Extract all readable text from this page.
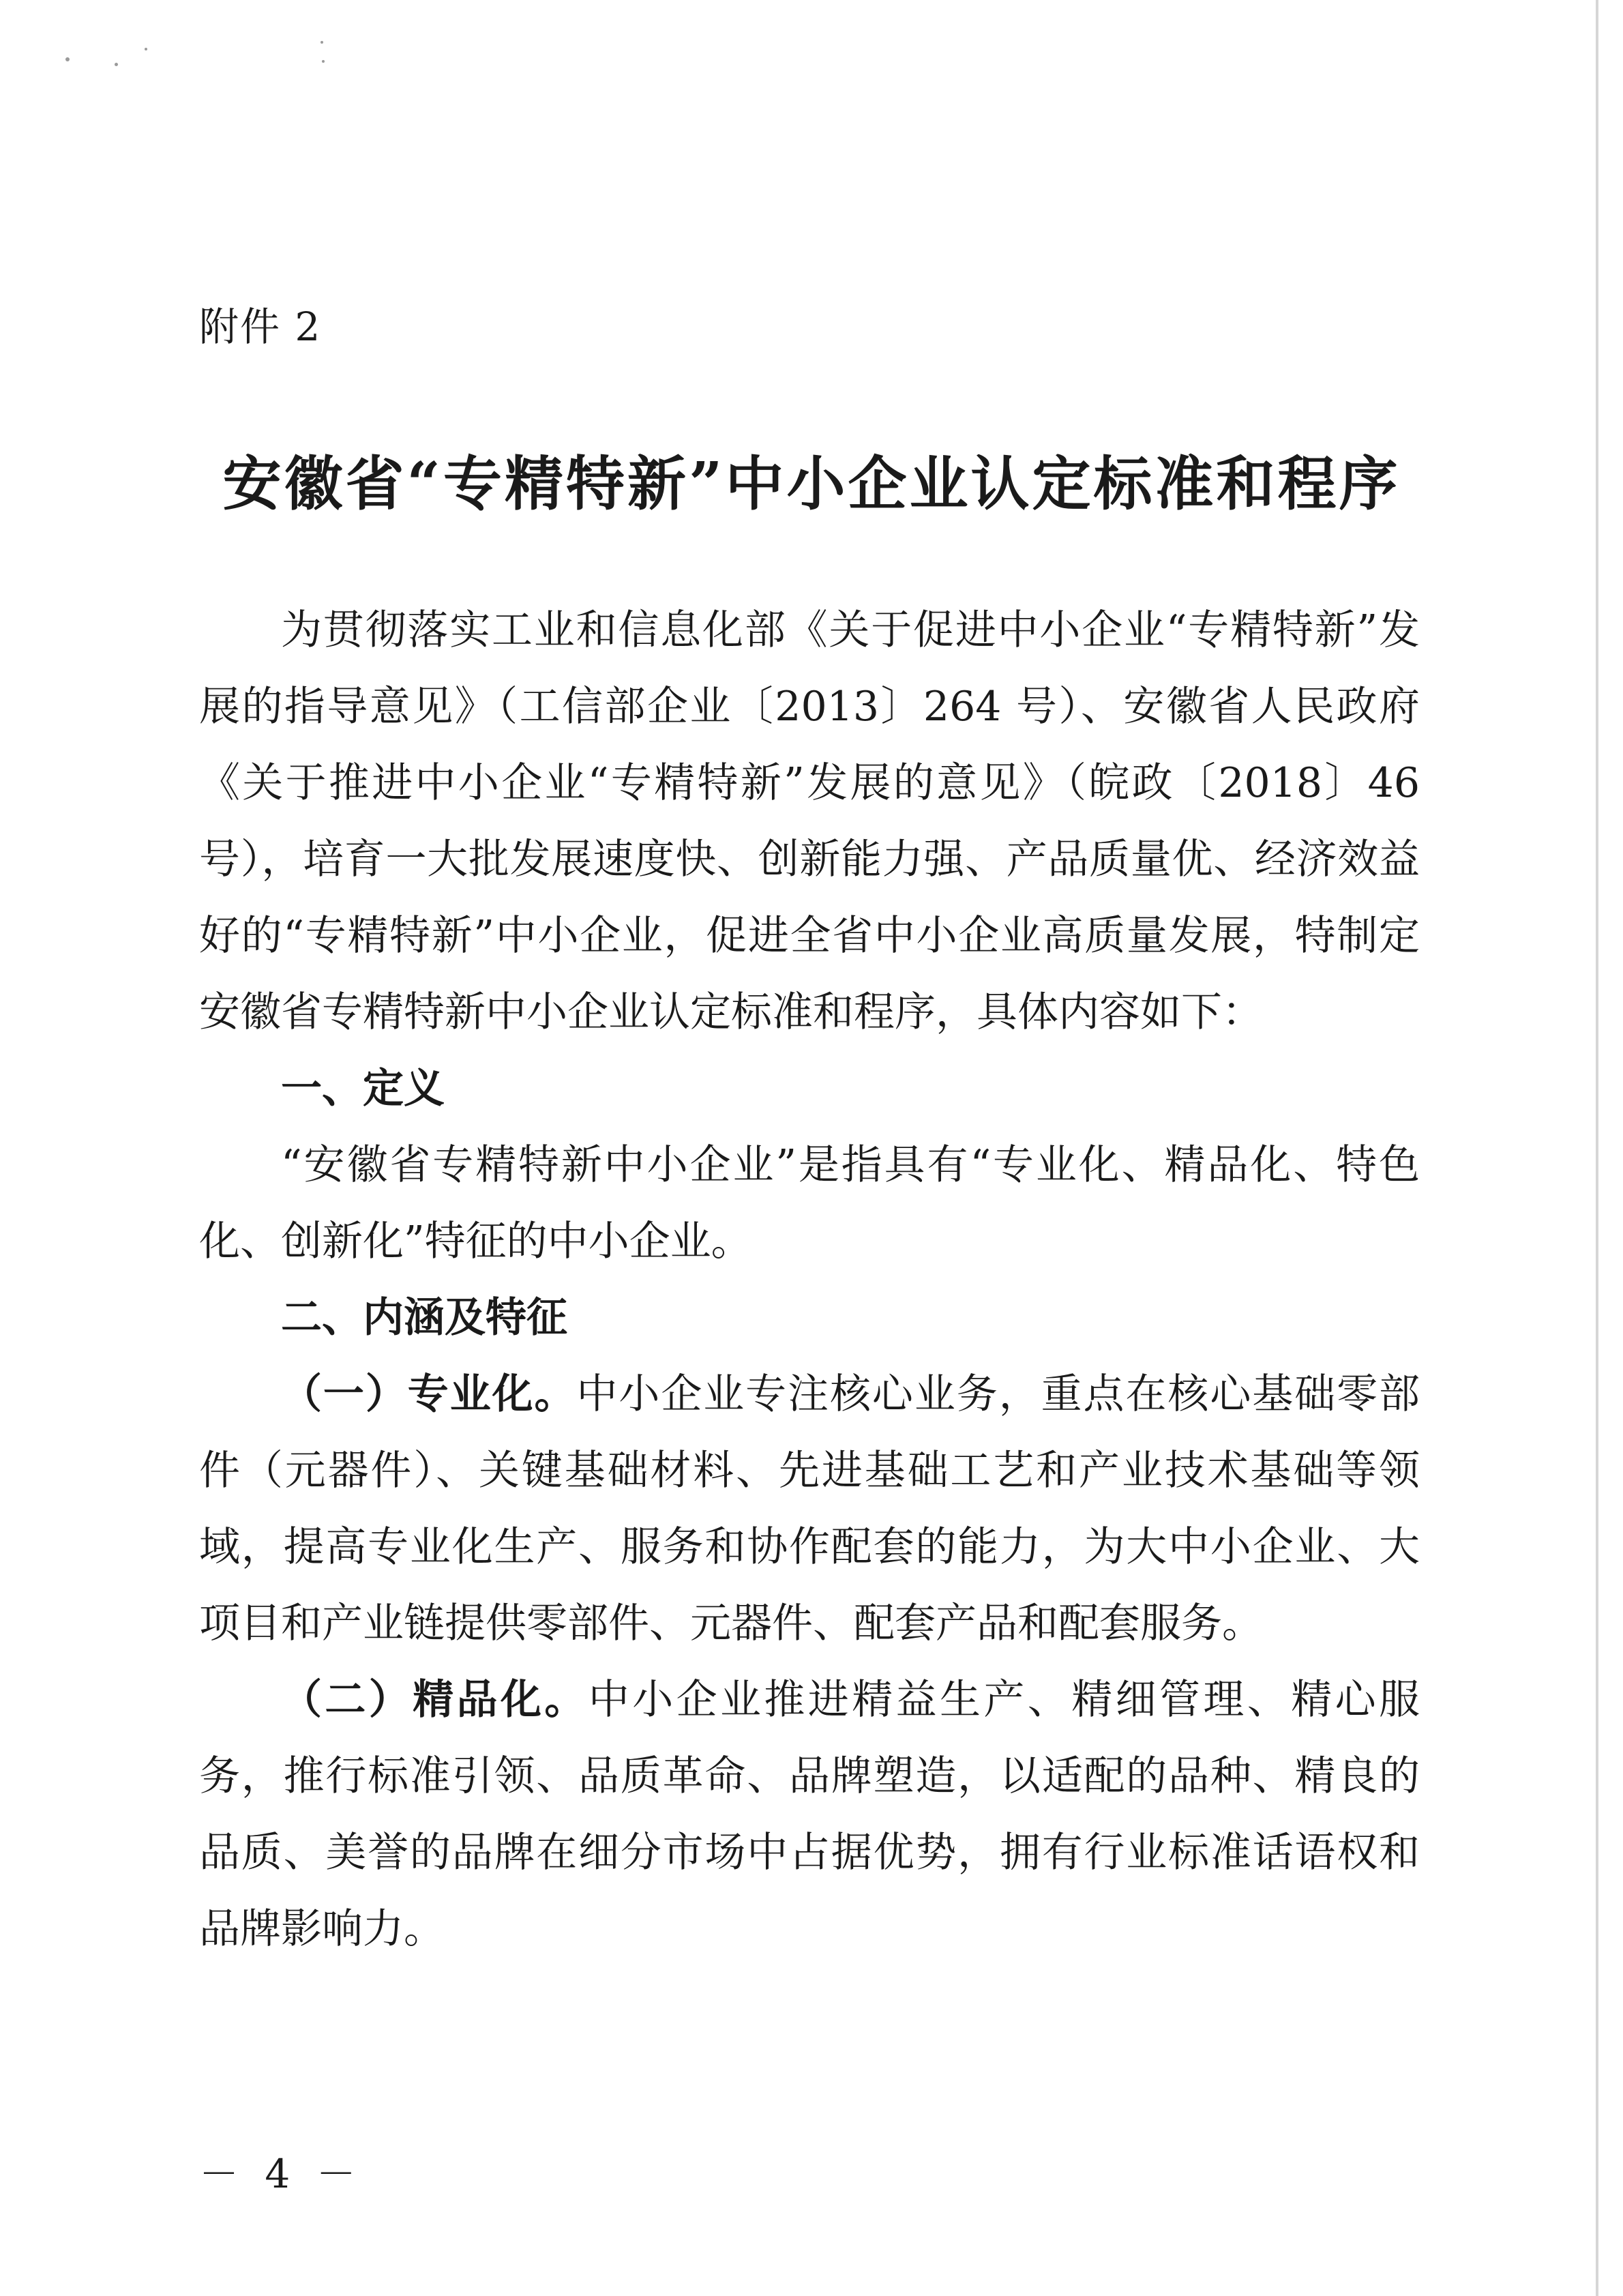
附件 2
安徽省“专精特新”中小企业认定标准和程序

为贯彻落实工业和信息化部《关于促进中小企业“专精特新”发展的指导意见》（工信部企业〔2013〕264 号）、安徽省人民政府《关于推进中小企业“专精特新”发展的意见》（皖政〔2018〕46 号），培育一大批发展速度快、创新能力强、产品质量优、经济效益好的“专精特新”中小企业，促进全省中小企业高质量发展，特制定安徽省专精特新中小企业认定标准和程序，具体内容如下：

一、定义

“安徽省专精特新中小企业”是指具有“专业化、精品化、特色化、创新化”特征的中小企业。

二、内涵及特征

（一）专业化。中小企业专注核心业务，重点在核心基础零部件（元器件）、关键基础材料、先进基础工艺和产业技术基础等领域，提高专业化生产、服务和协作配套的能力，为大中小企业、大项目和产业链提供零部件、元器件、配套产品和配套服务。

（二）精品化。中小企业推进精益生产、精细管理、精心服务，推行标准引领、品质革命、品牌塑造，以适配的品种、精良的品质、美誉的品牌在细分市场中占据优势，拥有行业标准话语权和品牌影响力。

－ 4 －
